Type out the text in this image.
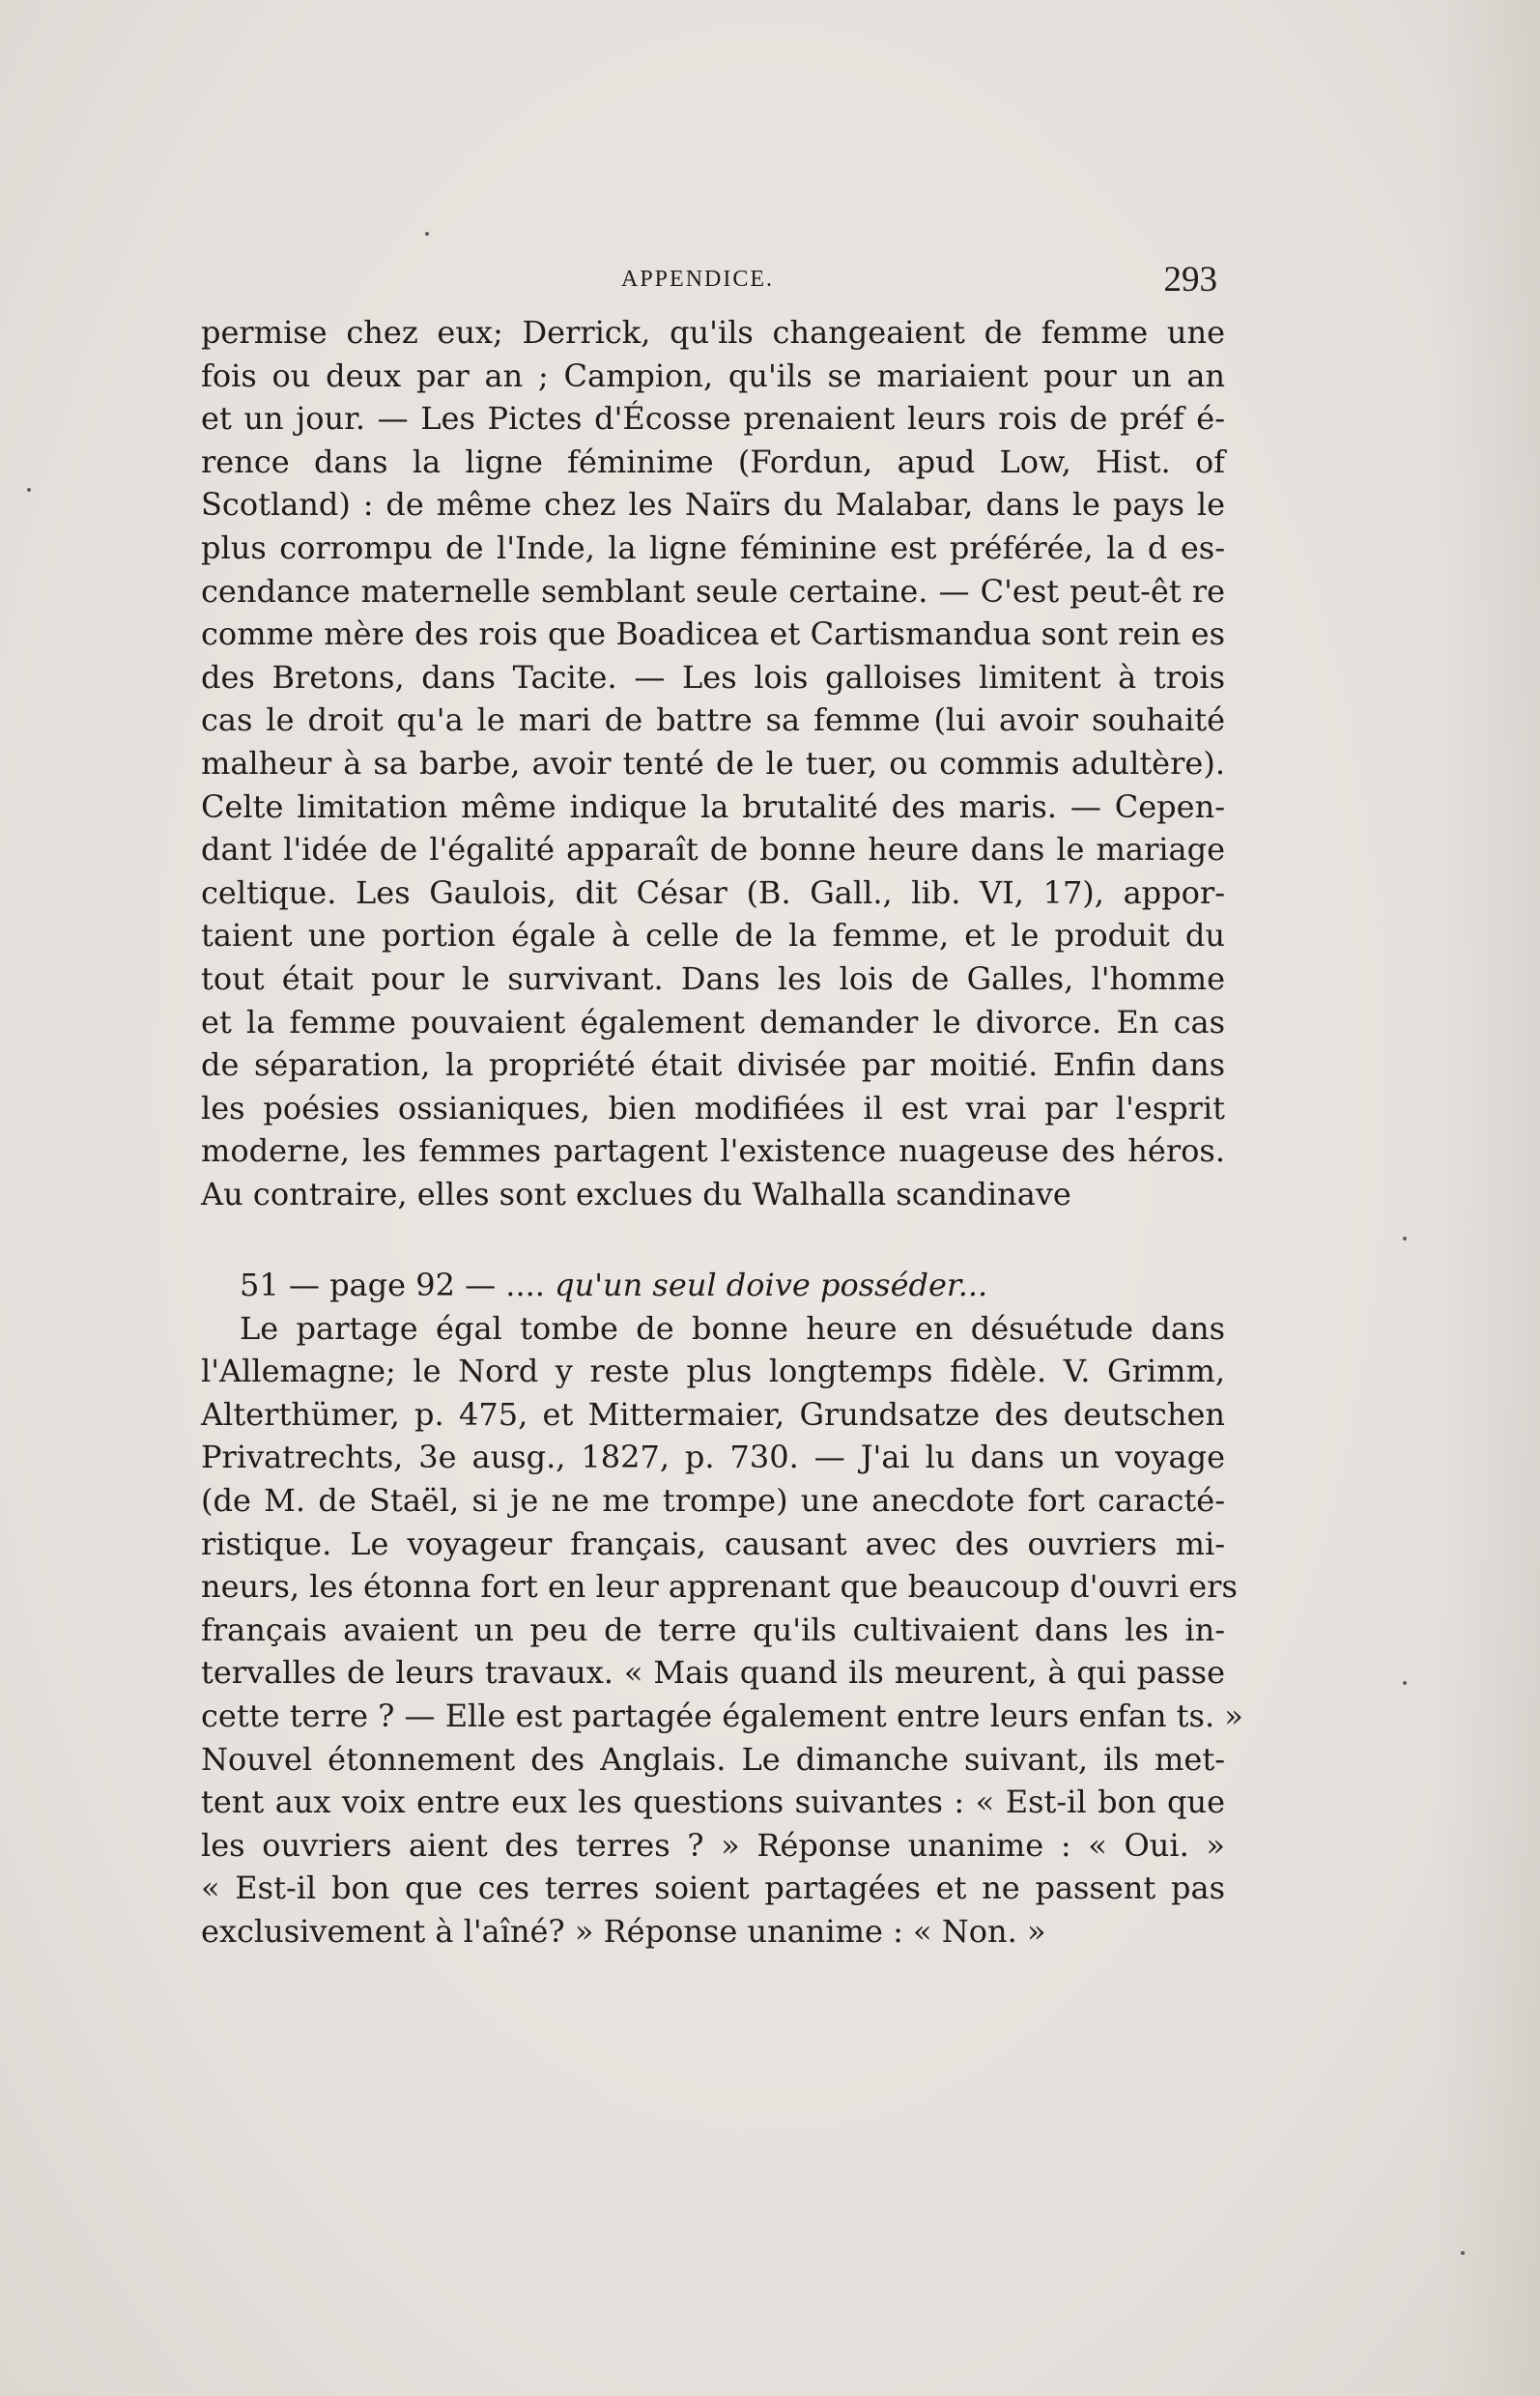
APPENDICE.	293
permise chez eux; Derrick, qu'ils changeaient de femme une
fois ou deux par an ; Campion, qu'ils se mariaient pour un an
et un jour. — Les Pictes d'Écosse prenaient leurs rois de préf é-
rence dans la ligne féminime (Fordun, apud Low, Hist. of
Scotland) : de même chez les Naïrs du Malabar, dans le pays le
plus corrompu de l'Inde, la ligne féminine est préférée, la d es-
cendance maternelle semblant seule certaine. — C'est peut-êt re
comme mère des rois que Boadicea et Cartismandua sont rein es
des Bretons, dans Tacite. — Les lois galloises limitent à trois
cas le droit qu'a le mari de battre sa femme (lui avoir souhaité
malheur à sa barbe, avoir tenté de le tuer, ou commis adultère).
Celte limitation même indique la brutalité des maris. — Cepen-
dant l'idée de l'égalité apparaît de bonne heure dans le mariage
celtique. Les Gaulois, dit César (B. Gall., lib. VI, 17), appor-
taient une portion égale à celle de la femme, et le produit du
tout était pour le survivant. Dans les lois de Galles, l'homme
et la femme pouvaient également demander le divorce. En cas
de séparation, la propriété était divisée par moitié. Enfin dans
les poésies ossianiques, bien modifiées il est vrai par l'esprit
moderne, les femmes partagent l'existence nuageuse des héros.
Au contraire, elles sont exclues du Walhalla scandinave
51 — page 92 — .... qu'un seul doive posséder...
Le partage égal tombe de bonne heure en désuétude dans
l'Allemagne; le Nord y reste plus longtemps fidèle. V. Grimm,
Alterthümer, p. 475, et Mittermaier, Grundsatze des deutschen
Privatrechts, 3e ausg., 1827, p. 730. — J'ai lu dans un voyage
(de M. de Staël, si je ne me trompe) une anecdote fort caracté-
ristique. Le voyageur français, causant avec des ouvriers mi-
neurs, les étonna fort en leur apprenant que beaucoup d'ouvri ers
français avaient un peu de terre qu'ils cultivaient dans les in-
tervalles de leurs travaux. « Mais quand ils meurent, à qui passe
cette terre ? — Elle est partagée également entre leurs enfan ts. »
Nouvel étonnement des Anglais. Le dimanche suivant, ils met-
tent aux voix entre eux les questions suivantes : « Est-il bon que
les ouvriers aient des terres ? » Réponse unanime : « Oui. »
« Est-il bon que ces terres soient partagées et ne passent pas
exclusivement à l'aîné? » Réponse unanime : « Non. »
